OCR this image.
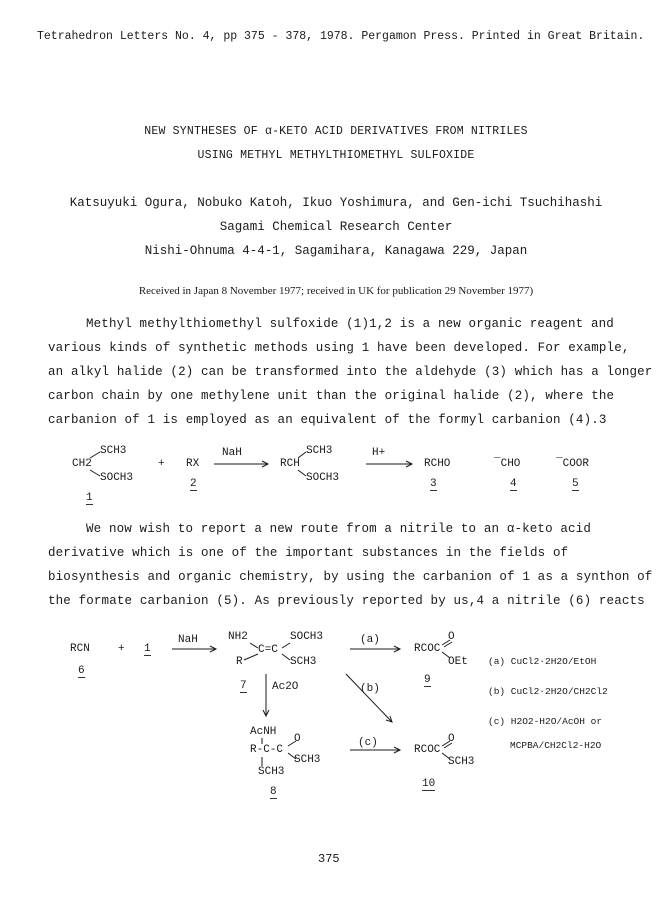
Tetrahedron Letters No. 4, pp 375 - 378, 1978. Pergamon Press. Printed in Great Britain.
NEW SYNTHESES OF α-KETO ACID DERIVATIVES FROM NITRILES
USING METHYL METHYLTHIOMETHYL SULFOXIDE
Katsuyuki Ogura, Nobuko Katoh, Ikuo Yoshimura, and Gen-ichi Tsuchihashi
Sagami Chemical Research Center
Nishi-Ohnuma 4-4-1, Sagamihara, Kanagawa 229, Japan
Received in Japan 8 November 1977; received in UK for publication 29 November 1977)
Methyl methylthiomethyl sulfoxide (1)1,2 is a new organic reagent and
various kinds of synthetic methods using 1 have been developed. For example,
an alkyl halide (2) can be transformed into the aldehyde (3) which has a longer
carbon chain by one methylene unit than the original halide (2), where the
carbanion of 1 is employed as an equivalent of the formyl carbanion (4).3
SCH3
CH2
SOCH3
1
+ RX
2
NaH	SCH3
RCH
SOCH3
H+
RCHO
3
¯CHO
4
¯COOR
5
We now wish to report a new route from a nitrile to an α-keto acid
derivative which is one of the important substances in the fields of
biosynthesis and organic chemistry, by using the carbanion of 1 as a synthon of
the formate carbanion (5). As previously reported by us,4 a nitrile (6) reacts
RCN
6
+ 1
NaH	NH2
C=C
SOCH3
R	SCH3
7 Ac2O
(a)
(b)
(c)
O
RCOC
OEt
9
AcNH
R-C-C
O
SCH3
SCH3
8
O
RCOC
SCH3
10
(a) CuCl2·2H2O/EtOH
(b) CuCl2·2H2O/CH2Cl2
(c) H2O2-H2O/AcOH or
MCPBA/CH2Cl2-H2O
375
